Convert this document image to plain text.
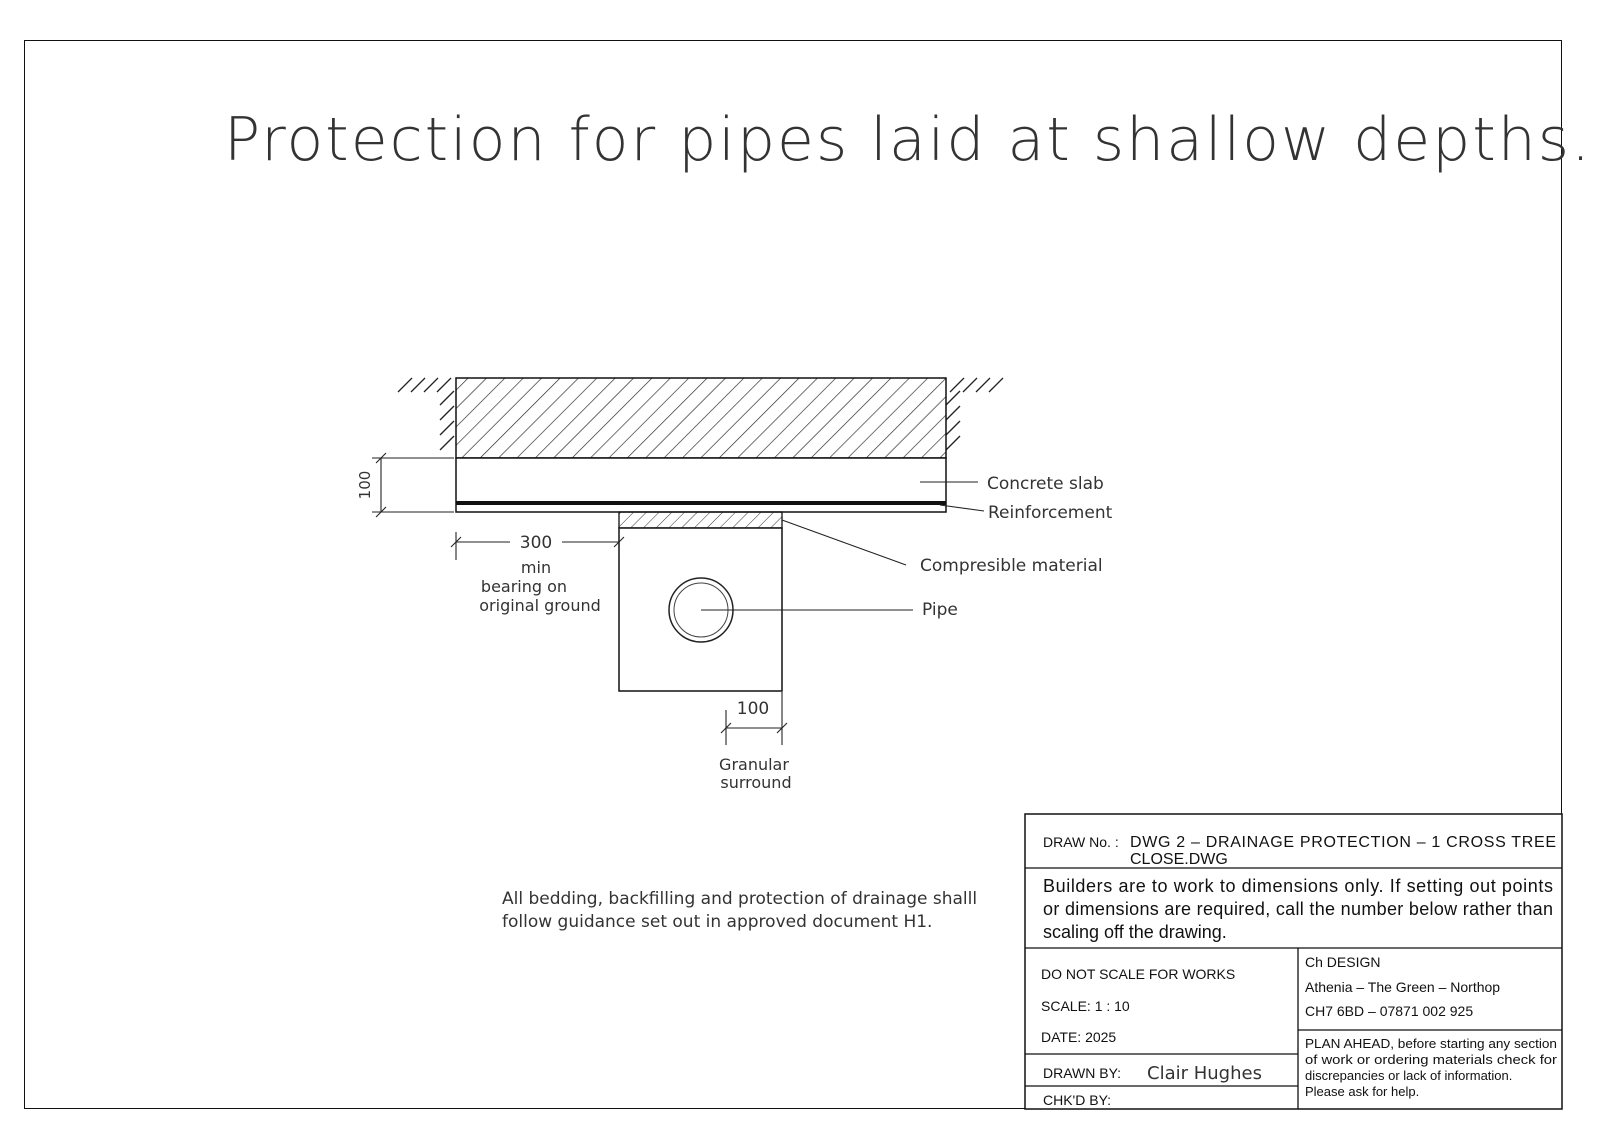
Protection for pipes laid at shallow depths.
Concrete slab
Reinforcement
Compresible material
Pipe
100
300
min
bearing on
original ground
100
Granular
surround
All bedding, backfilling and protection of drainage shalll
follow guidance set out in approved document H1.
DRAW No. : DWG 2 – DRAINAGE PROTECTION – 1 CROSS TREE
CLOSE.DWG
Builders are to work to dimensions only. If setting out points
or dimensions are required, call the number below rather than
scaling off the drawing.
DO NOT SCALE FOR WORKS
SCALE: 1 : 10
DATE: 2025
DRAWN BY: Clair Hughes
CHK'D BY:
Ch DESIGN
Athenia – The Green – Northop
CH7 6BD – 07871 002 925
PLAN AHEAD, before starting any section
of work or ordering materials check for
discrepancies or lack of information.
Please ask for help.
